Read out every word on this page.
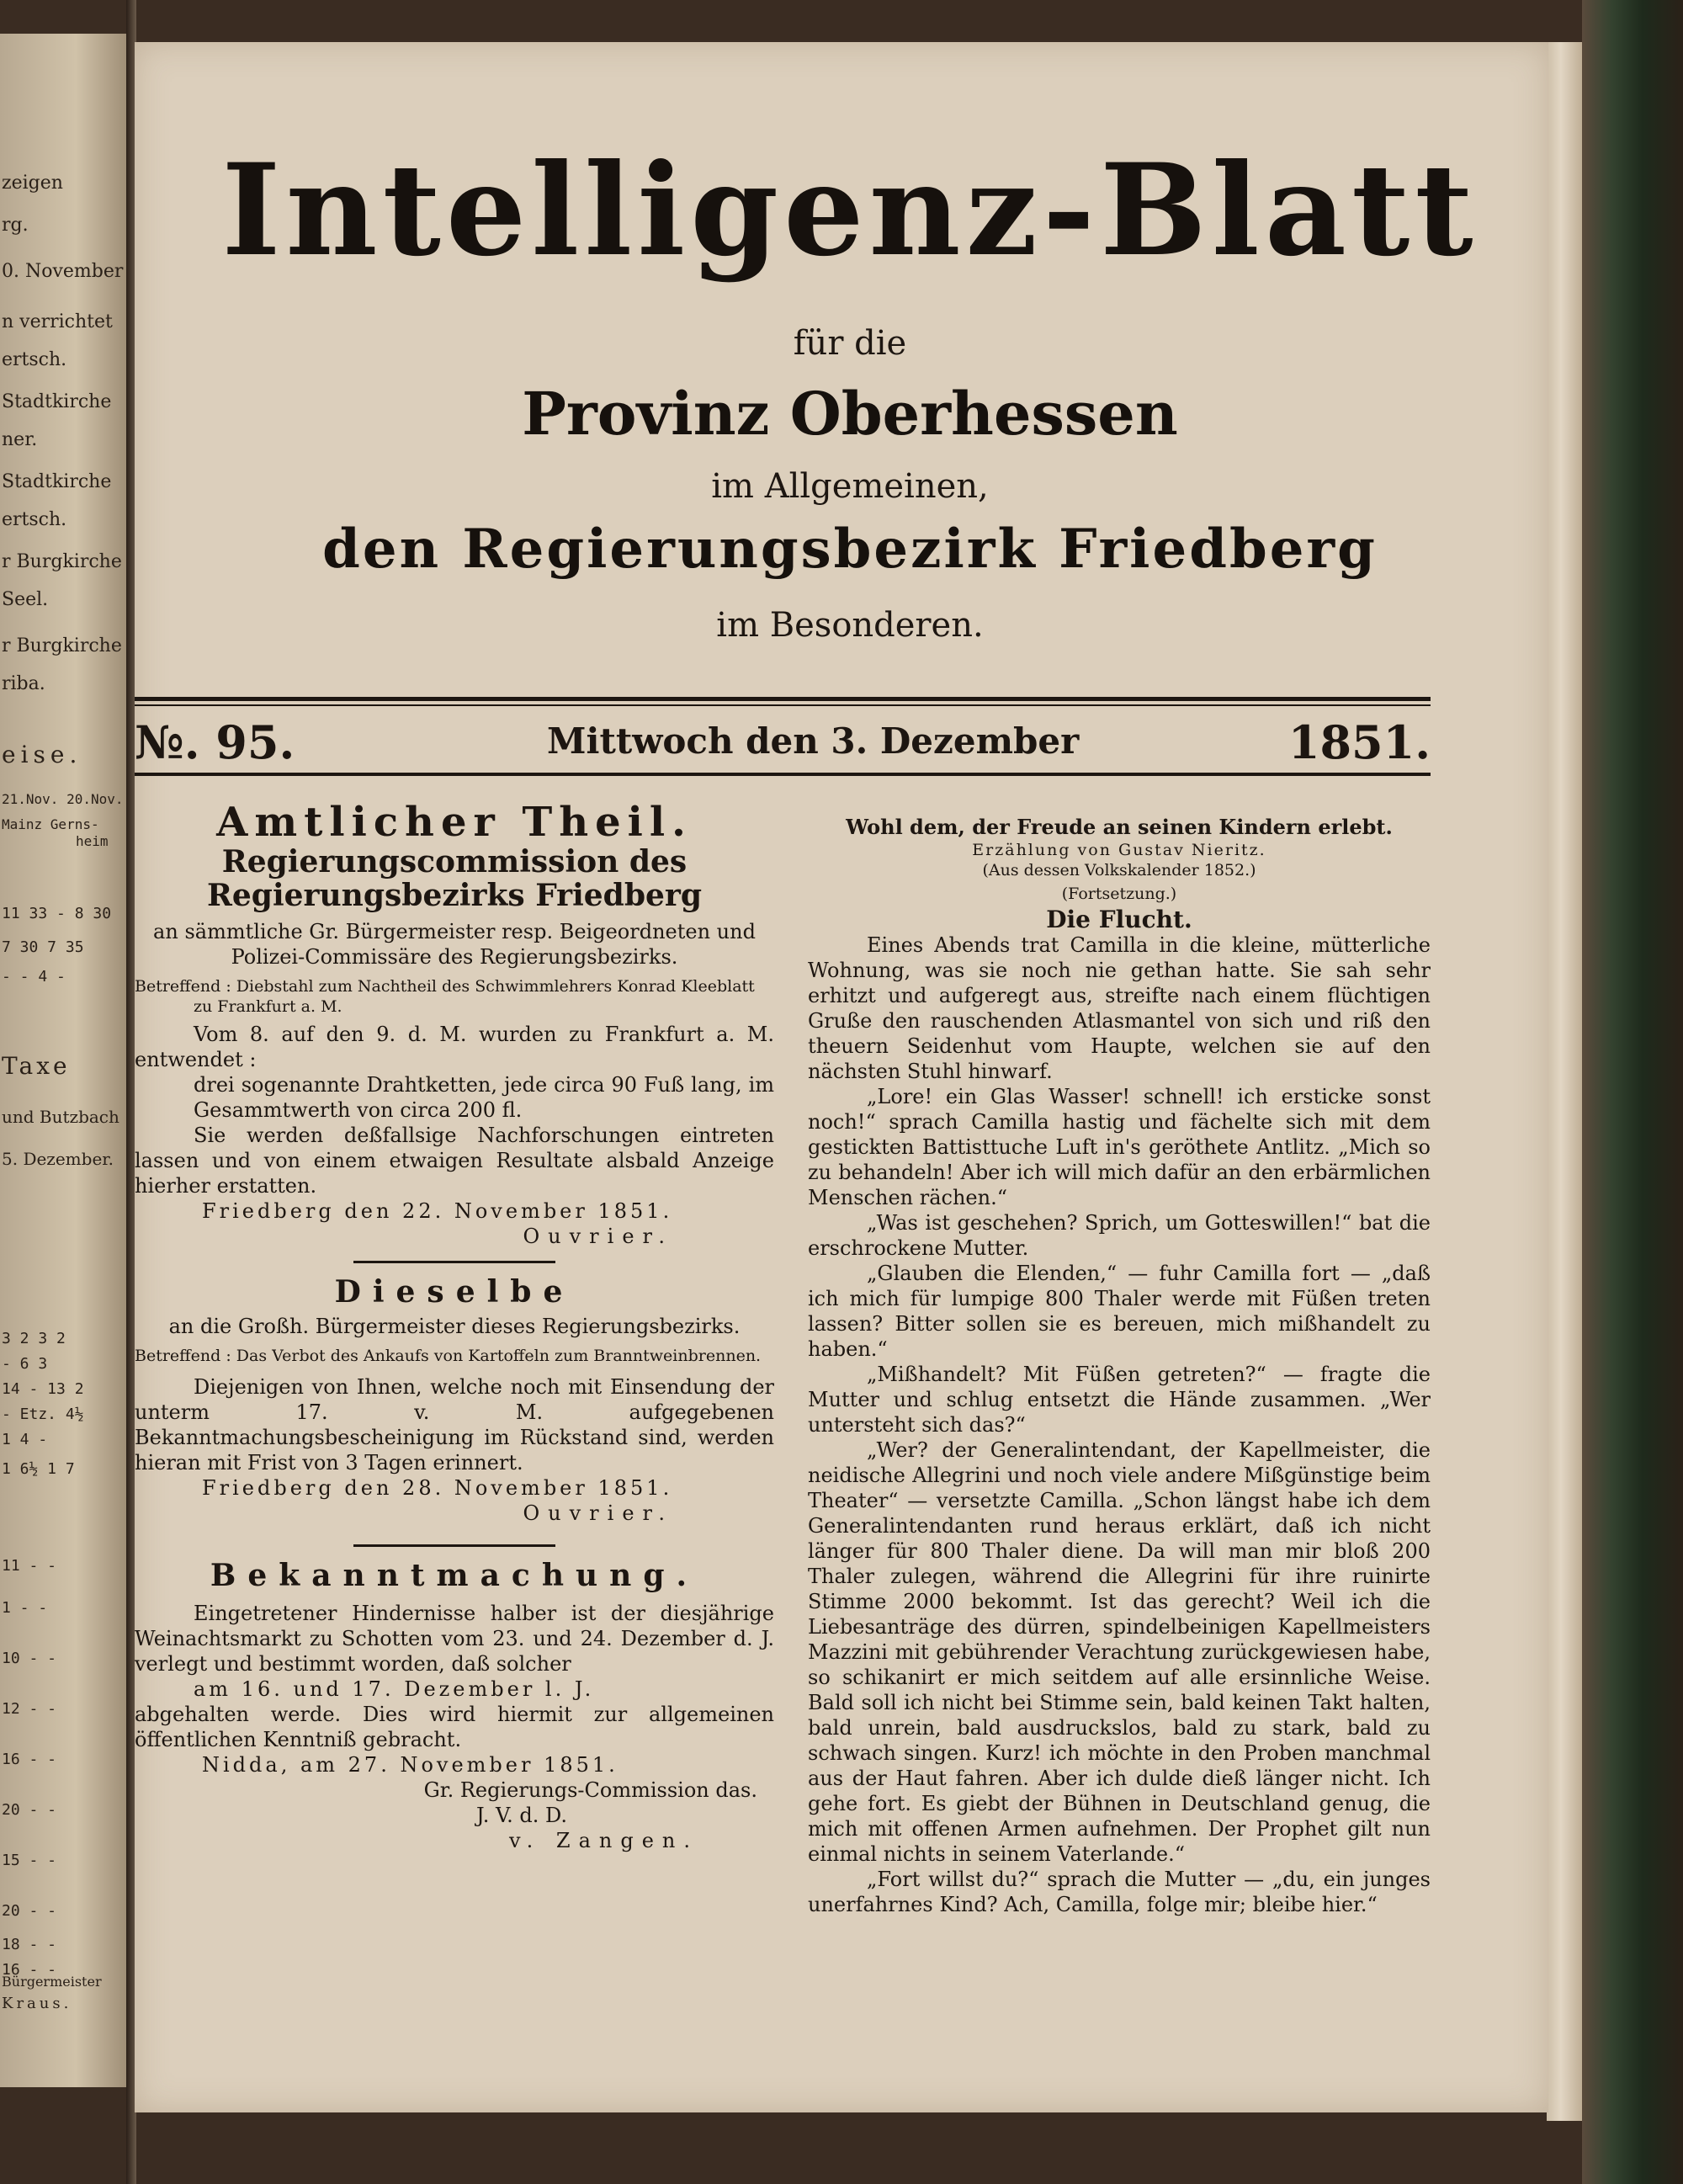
zeigen
rg.
0. November
n verrichtet
ertsch.
Stadtkirche
ner.
Stadtkirche
ertsch.
r Burgkirche
Seel.
r Burgkirche
riba.
eise.
21.Nov. 20.Nov.
Mainz Gerns-
heim
11 33 - 8 30
7 30 7 35
- - 4 -
Taxe
und Butzbach
5. Dezember.
3 2 3 2
- 6 3
14 - 13 2
- Etz. 4½
1 4 -
1 6½ 1 7
11 - -
1 - -
10 - -
12 - -
16 - -
20 - -
15 - -
20 - -
18 - -
16 - -
Bürgermeister
Kraus.
Intelligenz-Blatt
für die
Provinz Oberhessen
im Allgemeinen,
den Regierungsbezirk Friedberg
im Besonderen.
№. 95.	Mittwoch den 3. Dezember	1851.
Amtlicher Theil.
Regierungscommission des Regierungsbezirks Friedberg
an sämmtliche Gr. Bürgermeister resp. Beigeordneten und Polizei-Commissäre des Regierungsbezirks.
Betreffend : Diebstahl zum Nachtheil des Schwimmlehrers Konrad Kleeblatt zu Frankfurt a. M.
Vom 8. auf den 9. d. M. wurden zu Frankfurt a. M. entwendet :
drei sogenannte Drahtketten, jede circa 90 Fuß lang, im Gesammtwerth von circa 200 fl.
Sie werden deßfallsige Nachforschungen eintreten lassen und von einem etwaigen Resultate alsbald Anzeige hierher erstatten.
Friedberg den 22. November 1851.
Ouvrier.
Dieselbe
an die Großh. Bürgermeister dieses Regierungsbezirks.
Betreffend : Das Verbot des Ankaufs von Kartoffeln zum Branntweinbrennen.
Diejenigen von Ihnen, welche noch mit Einsendung der unterm 17. v. M. aufgegebenen Bekanntmachungsbescheinigung im Rückstand sind, werden hieran mit Frist von 3 Tagen erinnert.
Friedberg den 28. November 1851.
Ouvrier.
Bekanntmachung.
Eingetretener Hindernisse halber ist der diesjährige Weinachtsmarkt zu Schotten vom 23. und 24. Dezember d. J. verlegt und bestimmt worden, daß solcher
am 16. und 17. Dezember l. J.
abgehalten werde. Dies wird hiermit zur allgemeinen öffentlichen Kenntniß gebracht.
Nidda, am 27. November 1851.
Gr. Regierungs-Commission das.
J. V. d. D.
v. Zangen.
Wohl dem, der Freude an seinen Kindern erlebt.
Erzählung von Gustav Nieritz.
(Aus dessen Volkskalender 1852.)
(Fortsetzung.)
Die Flucht.
Eines Abends trat Camilla in die kleine, mütterliche Wohnung, was sie noch nie gethan hatte. Sie sah sehr erhitzt und aufgeregt aus, streifte nach einem flüchtigen Gruße den rauschenden Atlasmantel von sich und riß den theuern Seidenhut vom Haupte, welchen sie auf den nächsten Stuhl hinwarf.
„Lore! ein Glas Wasser! schnell! ich ersticke sonst noch!“ sprach Camilla hastig und fächelte sich mit dem gestickten Battisttuche Luft in's geröthete Antlitz. „Mich so zu behandeln! Aber ich will mich dafür an den erbärmlichen Menschen rächen.“
„Was ist geschehen? Sprich, um Gotteswillen!“ bat die erschrockene Mutter.
„Glauben die Elenden,“ — fuhr Camilla fort — „daß ich mich für lumpige 800 Thaler werde mit Füßen treten lassen? Bitter sollen sie es bereuen, mich mißhandelt zu haben.“
„Mißhandelt? Mit Füßen getreten?“ — fragte die Mutter und schlug entsetzt die Hände zusammen. „Wer untersteht sich das?“
„Wer? der Generalintendant, der Kapellmeister, die neidische Allegrini und noch viele andere Mißgünstige beim Theater“ — versetzte Camilla. „Schon längst habe ich dem Generalintendanten rund heraus erklärt, daß ich nicht länger für 800 Thaler diene. Da will man mir bloß 200 Thaler zulegen, während die Allegrini für ihre ruinirte Stimme 2000 bekommt. Ist das gerecht? Weil ich die Liebesanträge des dürren, spindelbeinigen Kapellmeisters Mazzini mit gebührender Verachtung zurückgewiesen habe, so schikanirt er mich seitdem auf alle ersinnliche Weise. Bald soll ich nicht bei Stimme sein, bald keinen Takt halten, bald unrein, bald ausdruckslos, bald zu stark, bald zu schwach singen. Kurz! ich möchte in den Proben manchmal aus der Haut fahren. Aber ich dulde dieß länger nicht. Ich gehe fort. Es giebt der Bühnen in Deutschland genug, die mich mit offenen Armen aufnehmen. Der Prophet gilt nun einmal nichts in seinem Vaterlande.“
„Fort willst du?“ sprach die Mutter — „du, ein junges unerfahrnes Kind? Ach, Camilla, folge mir; bleibe hier.“
